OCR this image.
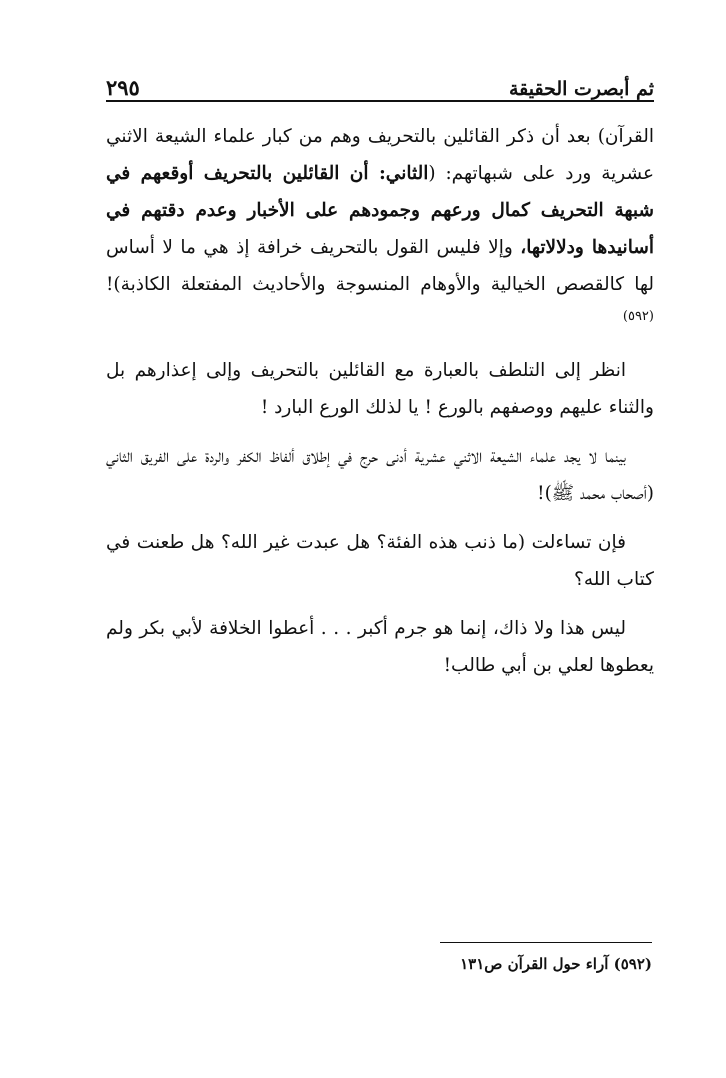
٢٩٥	ثم أبصرت الحقيقة

القرآن) بعد أن ذكر القائلين بالتحريف وهم من كبار علماء الشيعة الاثني عشرية ورد على شبهاتهم: (الثاني: أن القائلين بالتحريف أوقعهم في شبهة التحريف كمال ورعهم وجمودهم على الأخبار وعدم دقتهم في أسانيدها ودلالاتها، وإلا فليس القول بالتحريف خرافة إذ هي ما لا أساس لها كالقصص الخيالية والأوهام المنسوجة والأحاديث المفتعلة الكاذبة)!$^{(٥٩٢)}$

انظر إلى التلطف بالعبارة مع القائلين بالتحريف وإلى إعذارهم بل والثناء عليهم ووصفهم بالورع ! يا لذلك الورع البارد !

بينما لا يجد علماء الشيعة الاثني عشرية أدنى حرج في إطلاق ألفاظ الكفر والردة على الفريق الثاني (أصحاب محمد ﷺ)!

فإن تساءلت (ما ذنب هذه الفئة؟ هل عبدت غير الله؟ هل طعنت في كتاب الله؟

ليس هذا ولا ذاك، إنما هو جرم أكبر . . . أعطوا الخلافة لأبي بكر ولم يعطوها لعلي بن أبي طالب!

(٥٩٢) آراء حول القرآن ص١٣١
